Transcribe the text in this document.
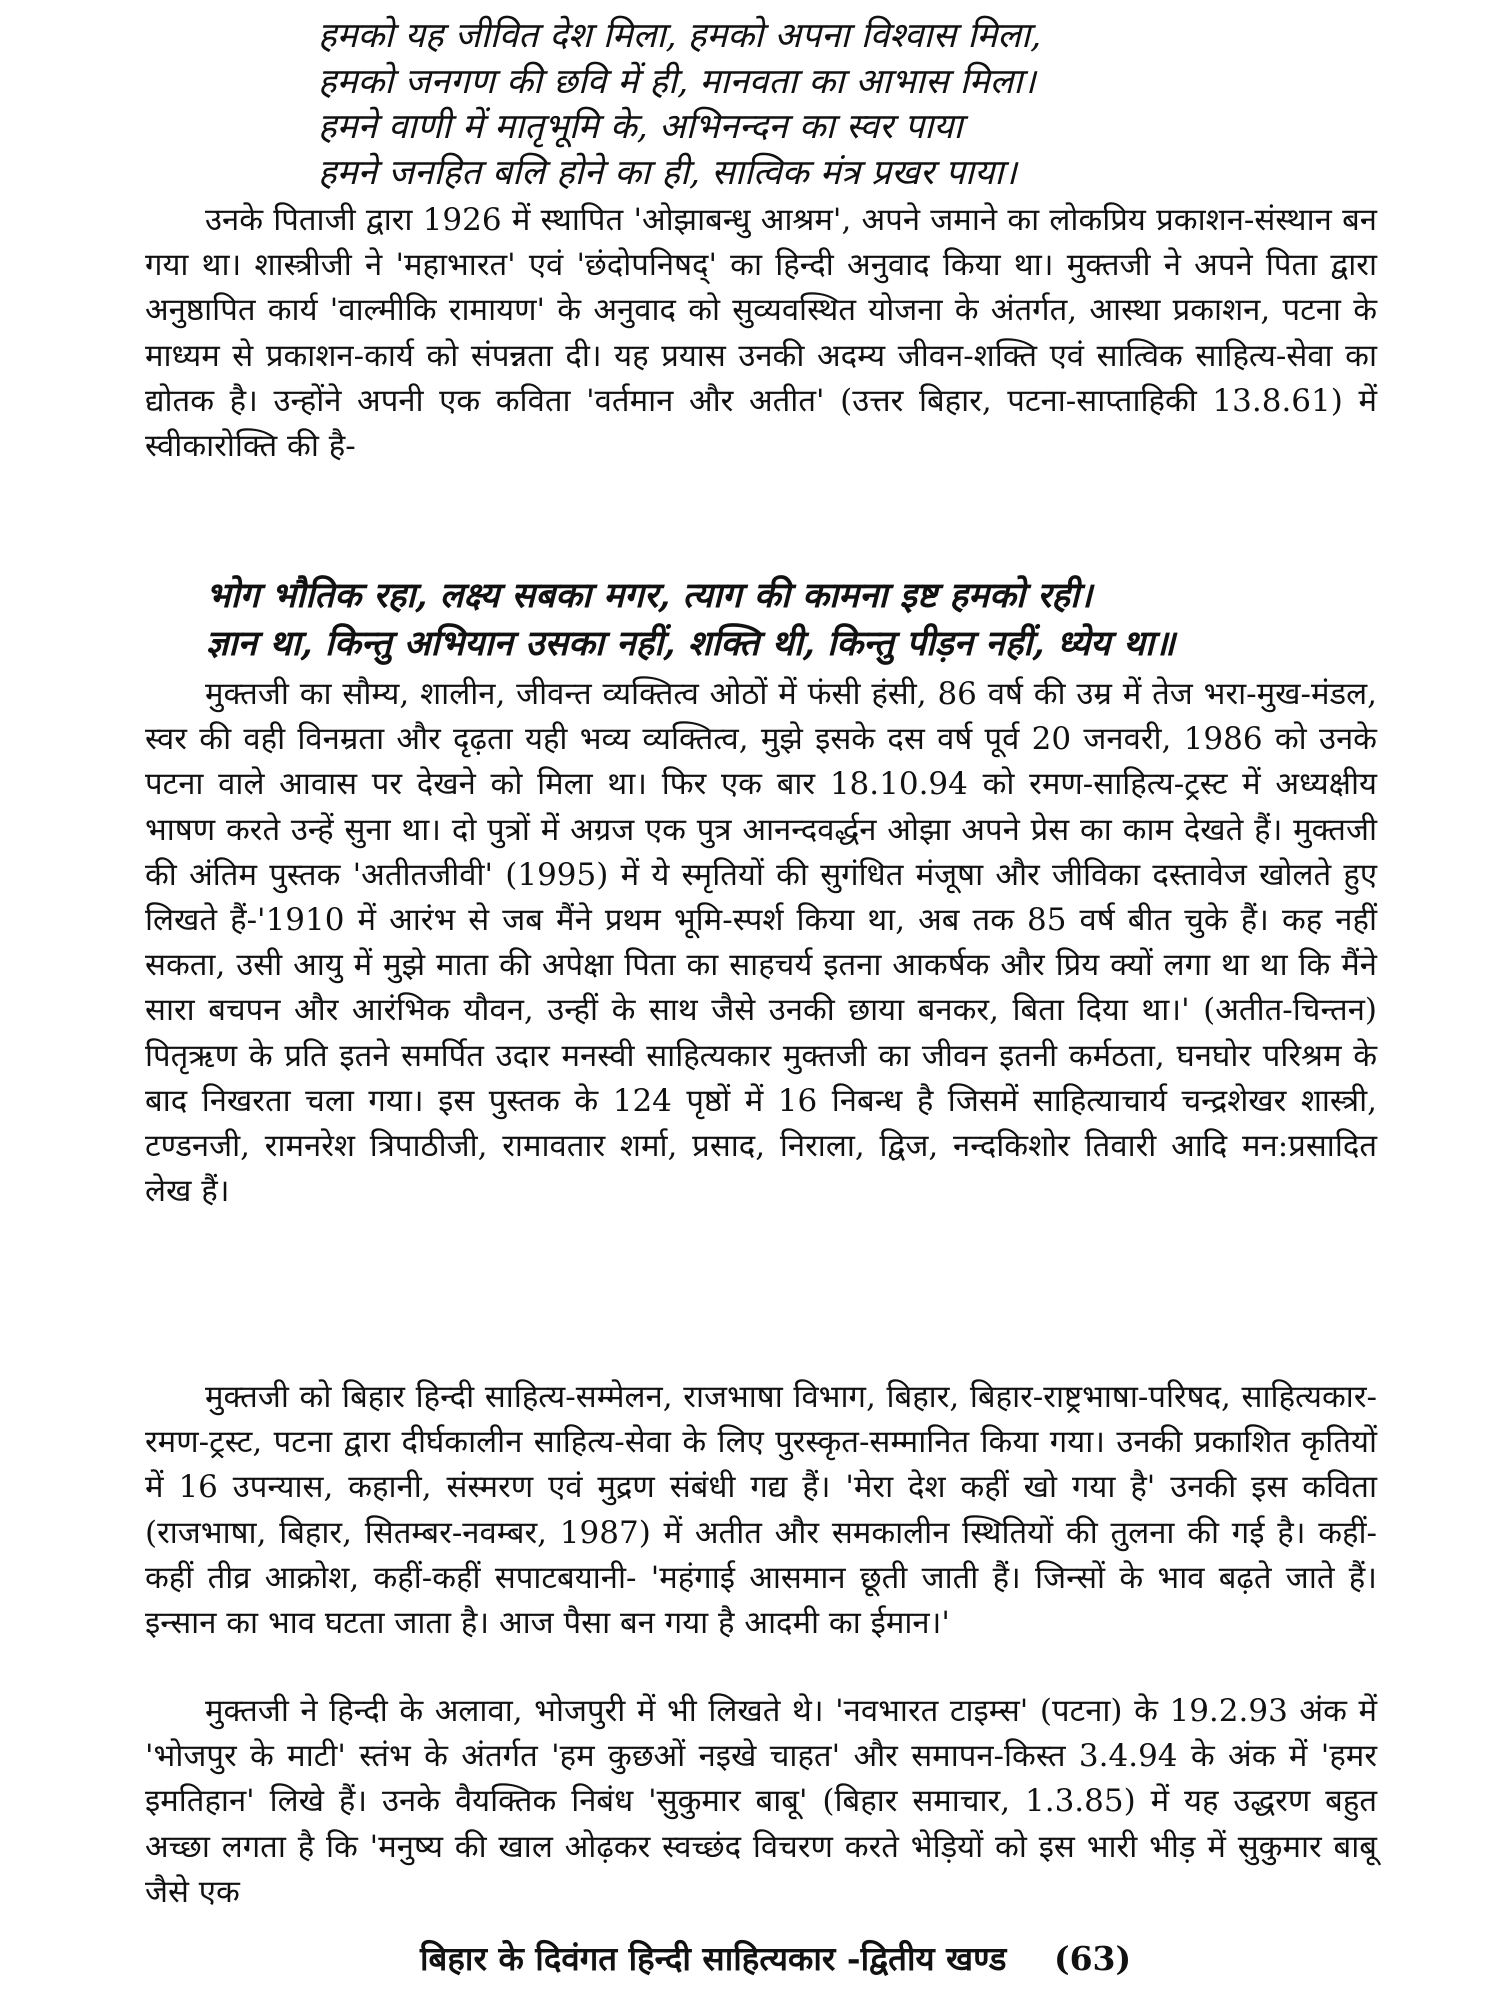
हमको यह जीवित देश मिला, हमको अपना विश्वास मिला,
हमको जनगण की छवि में ही, मानवता का आभास मिला।
हमने वाणी में मातृभूमि के, अभिनन्दन का स्वर पाया
हमने जनहित बलि होने का ही, सात्विक मंत्र प्रखर पाया।

उनके पिताजी द्वारा 1926 में स्थापित 'ओझाबन्धु आश्रम', अपने जमाने का लोकप्रिय प्रकाशन-संस्थान बन गया था। शास्त्रीजी ने 'महाभारत' एवं 'छंदोपनिषद्' का हिन्दी अनुवाद किया था। मुक्तजी ने अपने पिता द्वारा अनुष्ठापित कार्य 'वाल्मीकि रामायण' के अनुवाद को सुव्यवस्थित योजना के अंतर्गत, आस्था प्रकाशन, पटना के माध्यम से प्रकाशन-कार्य को संपन्नता दी। यह प्रयास उनकी अदम्य जीवन-शक्ति एवं सात्विक साहित्य-सेवा का द्योतक है। उन्होंने अपनी एक कविता 'वर्तमान और अतीत' (उत्तर बिहार, पटना-साप्ताहिकी 13.8.61) में स्वीकारोक्ति की है-

भोग भौतिक रहा, लक्ष्य सबका मगर, त्याग की कामना इष्ट हमको रही।
ज्ञान था, किन्तु अभियान उसका नहीं, शक्ति थी, किन्तु पीड़न नहीं, ध्येय था॥

मुक्तजी का सौम्य, शालीन, जीवन्त व्यक्तित्व ओठों में फंसी हंसी, 86 वर्ष की उम्र में तेज भरा-मुख-मंडल, स्वर की वही विनम्रता और दृढ़ता यही भव्य व्यक्तित्व, मुझे इसके दस वर्ष पूर्व 20 जनवरी, 1986 को उनके पटना वाले आवास पर देखने को मिला था। फिर एक बार 18.10.94 को रमण-साहित्य-ट्रस्ट में अध्यक्षीय भाषण करते उन्हें सुना था। दो पुत्रों में अग्रज एक पुत्र आनन्दवर्द्धन ओझा अपने प्रेस का काम देखते हैं। मुक्तजी की अंतिम पुस्तक 'अतीतजीवी' (1995) में ये स्मृतियों की सुगंधित मंजूषा और जीविका दस्तावेज खोलते हुए लिखते हैं-'1910 में आरंभ से जब मैंने प्रथम भूमि-स्पर्श किया था, अब तक 85 वर्ष बीत चुके हैं। कह नहीं सकता, उसी आयु में मुझे माता की अपेक्षा पिता का साहचर्य इतना आकर्षक और प्रिय क्यों लगा था था कि मैंने सारा बचपन और आरंभिक यौवन, उन्हीं के साथ जैसे उनकी छाया बनकर, बिता दिया था।' (अतीत-चिन्तन) पितृऋण के प्रति इतने समर्पित उदार मनस्वी साहित्यकार मुक्तजी का जीवन इतनी कर्मठता, घनघोर परिश्रम के बाद निखरता चला गया। इस पुस्तक के 124 पृष्ठों में 16 निबन्ध है जिसमें साहित्याचार्य चन्द्रशेखर शास्त्री, टण्डनजी, रामनरेश त्रिपाठीजी, रामावतार शर्मा, प्रसाद, निराला, द्विज, नन्दकिशोर तिवारी आदि मन:प्रसादित लेख हैं।

मुक्तजी को बिहार हिन्दी साहित्य-सम्मेलन, राजभाषा विभाग, बिहार, बिहार-राष्ट्रभाषा-परिषद, साहित्यकार-रमण-ट्रस्ट, पटना द्वारा दीर्घकालीन साहित्य-सेवा के लिए पुरस्कृत-सम्मानित किया गया। उनकी प्रकाशित कृतियों में 16 उपन्यास, कहानी, संस्मरण एवं मुद्रण संबंधी गद्य हैं। 'मेरा देश कहीं खो गया है' उनकी इस कविता (राजभाषा, बिहार, सितम्बर-नवम्बर, 1987) में अतीत और समकालीन स्थितियों की तुलना की गई है। कहीं-कहीं तीव्र आक्रोश, कहीं-कहीं सपाटबयानी- 'महंगाई आसमान छूती जाती हैं। जिन्सों के भाव बढ़ते जाते हैं। इन्सान का भाव घटता जाता है। आज पैसा बन गया है आदमी का ईमान।'

मुक्तजी ने हिन्दी के अलावा, भोजपुरी में भी लिखते थे। 'नवभारत टाइम्स' (पटना) के 19.2.93 अंक में 'भोजपुर के माटी' स्तंभ के अंतर्गत 'हम कुछओं नइखे चाहत' और समापन-किस्त 3.4.94 के अंक में 'हमर इमतिहान' लिखे हैं। उनके वैयक्तिक निबंध 'सुकुमार बाबू' (बिहार समाचार, 1.3.85) में यह उद्धरण बहुत अच्छा लगता है कि 'मनुष्य की खाल ओढ़कर स्वच्छंद विचरण करते भेड़ियों को इस भारी भीड़ में सुकुमार बाबू जैसे एक

बिहार के दिवंगत हिन्दी साहित्यकार -द्वितीय खण्ड (63)
